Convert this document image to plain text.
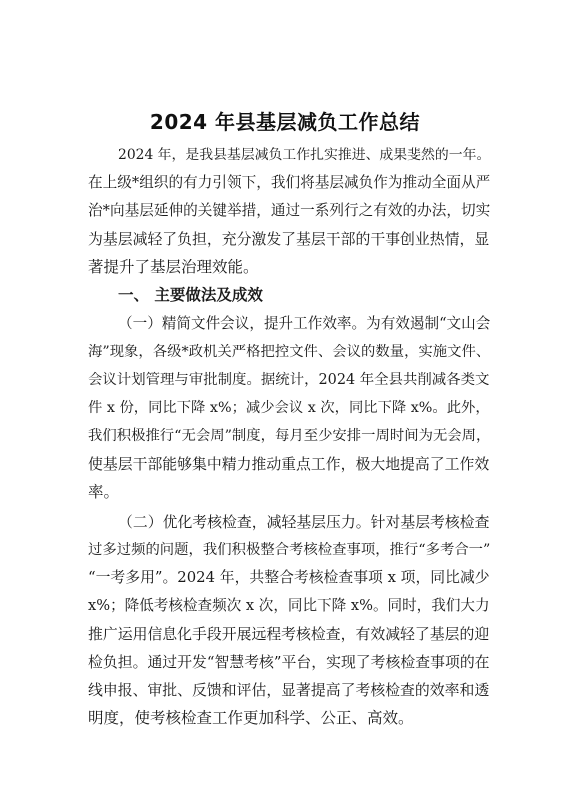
2024 年县基层减负工作总结
2024 年，是我县基层减负工作扎实推进、成果斐然的一年。
在上级*组织的有力引领下，我们将基层减负作为推动全面从严
治*向基层延伸的关键举措，通过一系列行之有效的办法，切实
为基层减轻了负担，充分激发了基层干部的干事创业热情，显
著提升了基层治理效能。
一、 主要做法及成效
（一）精简文件会议，提升工作效率。为有效遏制“文山会
海”现象，各级*政机关严格把控文件、会议的数量，实施文件、
会议计划管理与审批制度。据统计，2024 年全县共削减各类文
件 x 份，同比下降 x%；减少会议 x 次，同比下降 x%。此外，
我们积极推行“无会周”制度，每月至少安排一周时间为无会周，
使基层干部能够集中精力推动重点工作，极大地提高了工作效
率。
（二）优化考核检查，减轻基层压力。针对基层考核检查
过多过频的问题，我们积极整合考核检查事项，推行“多考合一”
“一考多用”。2024 年，共整合考核检查事项 x 项，同比减少
x%；降低考核检查频次 x 次，同比下降 x%。同时，我们大力
推广运用信息化手段开展远程考核检查，有效减轻了基层的迎
检负担。通过开发“智慧考核”平台，实现了考核检查事项的在
线申报、审批、反馈和评估，显著提高了考核检查的效率和透
明度，使考核检查工作更加科学、公正、高效。
